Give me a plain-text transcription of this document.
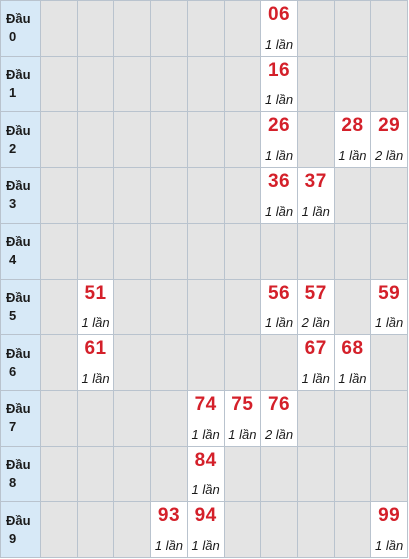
Đầu
0
06
1 lần
Đầu
1
16
1 lần
Đầu
2
26
1 lần
28
1 lần
29
2 lần
Đầu
3
36
1 lần
37
1 lần
Đầu
4
Đầu
5
51
1 lần
56
1 lần
57
2 lần
59
1 lần
Đầu
6
61
1 lần
67
1 lần
68
1 lần
Đầu
7
74
1 lần
75
1 lần
76
2 lần
Đầu
8
84
1 lần
Đầu
9
93
1 lần
94
1 lần
99
1 lần
